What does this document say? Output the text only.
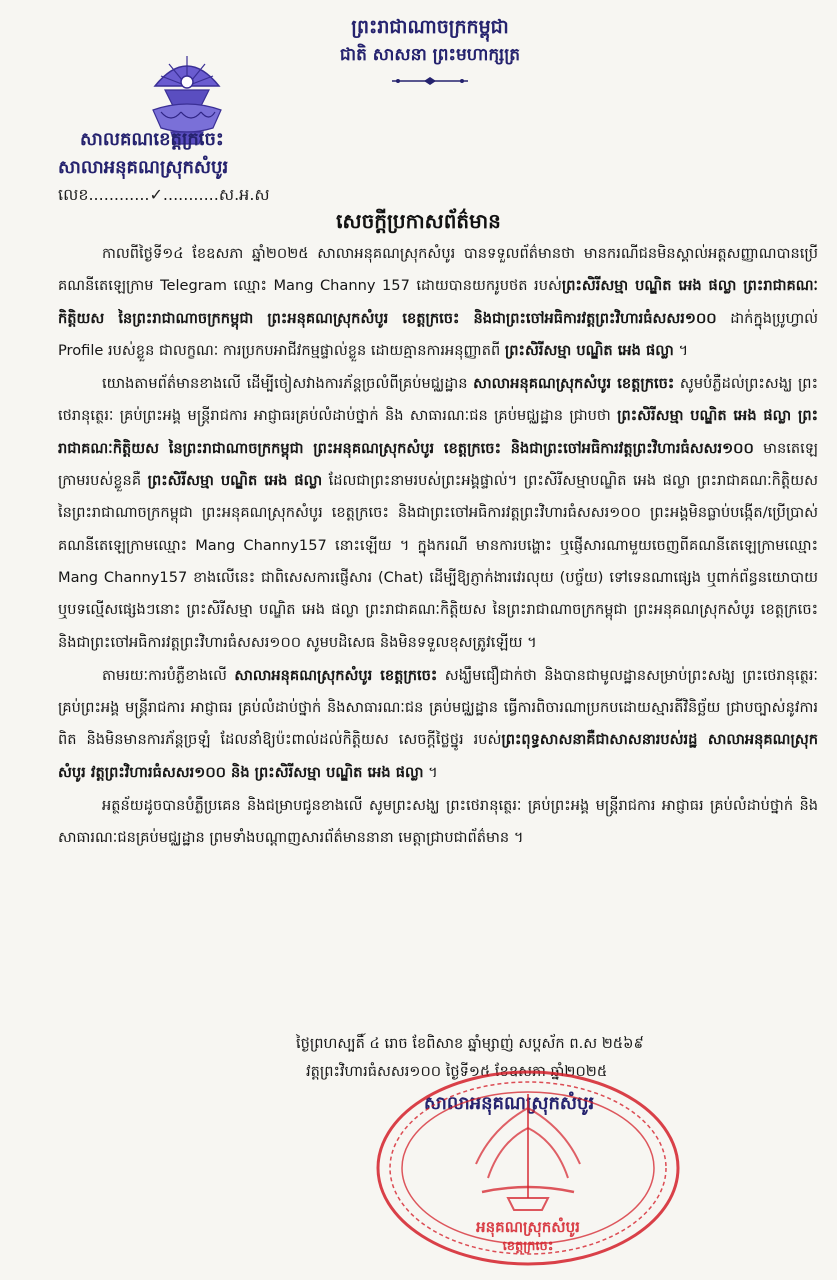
ព្រះរាជាណាចក្រកម្ពុជា
ជាតិ សាសនា ព្រះមហាក្សត្រ
សាលគណខេត្តក្រចេះ
សាលាអនុគណស្រុកសំបូរ
លេខ............✓...........ស.អ.ស
សេចក្តីប្រកាសព័ត៌មាន

កាលពីថ្ងៃទី១៤ ខែឧសភា ឆ្នាំ២០២៥ សាលាអនុគណស្រុកសំបូរ បានទទួលព័ត៌មានថា មានករណីជនមិនស្គាល់អត្តសញ្ញាណបានប្រើគណនីតេឡេក្រាម Telegram ឈ្មោះ Mang Channy 157 ដោយបានយករូបថត របស់ព្រះសិរីសម្មា បណ្ឌិត អេង ផល្លា ព្រះរាជាគណៈកិត្តិយស នៃព្រះរាជាណាចក្រកម្ពុជា ព្រះអនុគណស្រុកសំបូរ ខេត្តក្រចេះ និងជាព្រះចៅអធិការវត្តព្រះវិហារធំសសរ១០០ ដាក់ក្នុងប្រូហ្វាល់ Profile របស់ខ្លួន ជាលក្ខណៈ ការប្រកបអាជីវកម្មផ្ទាល់ខ្លួន ដោយគ្មានការអនុញ្ញាតពី ព្រះសិរីសម្មា បណ្ឌិត អេង ផល្លា ។

យោងតាមព័ត៌មានខាងលើ ដើម្បីចៀសវាងការភ័ន្តច្រលំពីគ្រប់មជ្ឈដ្ឋាន សាលាអនុគណស្រុកសំបូរ ខេត្តក្រចេះ សូមបំភ្លឺដល់ព្រះសង្ឃ ព្រះថេរានុត្ថេរៈ គ្រប់ព្រះអង្គ មន្ត្រីរាជការ អាជ្ញាធរគ្រប់លំដាប់ថ្នាក់ និង សាធារណៈជន គ្រប់មជ្ឈដ្ឋាន ជ្រាបថា ព្រះសិរីសម្មា បណ្ឌិត អេង ផល្លា ព្រះរាជាគណៈកិត្តិយស នៃព្រះរាជាណាចក្រកម្ពុជា ព្រះអនុគណស្រុកសំបូរ ខេត្តក្រចេះ និងជាព្រះចៅអធិការវត្តព្រះវិហារធំសសរ១០០ មានតេឡេក្រាមរបស់ខ្លួនគឺ ព្រះសិរីសម្មា បណ្ឌិត អេង ផល្លា ដែលជាព្រះនាមរបស់ព្រះអង្គផ្ទាល់។ ព្រះសិរីសម្មាបណ្ឌិត អេង ផល្លា ព្រះរាជាគណៈកិត្តិយស នៃព្រះរាជាណាចក្រកម្ពុជា ព្រះអនុគណស្រុកសំបូរ ខេត្តក្រចេះ និងជាព្រះចៅអធិការវត្តព្រះវិហារធំសសរ១០០ ព្រះអង្គមិនធ្លាប់បង្កើត/ប្រើប្រាស់គណនីតេឡេក្រាមឈ្មោះ Mang Channy157 នោះឡើយ ។ ក្នុងករណី មានការបង្ហោះ ឬផ្ញើសារណាមួយចេញពីគណនីតេឡេក្រាមឈ្មោះ Mang Channy157 ខាងលើនេះ ជាពិសេសការផ្ញើសារ (Chat) ដើម្បីឱ្យភ្ញាក់ងារវេរលុយ (បច្ច័យ) ទៅទេនណាផ្សេង ឬពាក់ព័ន្ធនយោបាយ ឬបទល្មើសផ្សេងៗនោះ ព្រះសិរីសម្មា បណ្ឌិត អេង ផល្លា ព្រះរាជាគណៈកិត្តិយស នៃព្រះរាជាណាចក្រកម្ពុជា ព្រះអនុគណស្រុកសំបូរ ខេត្តក្រចេះ និងជាព្រះចៅអធិការវត្តព្រះវិហារធំសសរ១០០ សូមបដិសេធ និងមិនទទួលខុសត្រូវឡើយ ។

តាមរយៈការបំភ្លឺខាងលើ សាលាអនុគណស្រុកសំបូរ ខេត្តក្រចេះ សង្ឃឹមជឿជាក់ថា និងបានជាមូលដ្ឋានសម្រាប់ព្រះសង្ឃ ព្រះថេរានុត្ថេរៈគ្រប់ព្រះអង្គ មន្ត្រីរាជការ អាជ្ញាធរ គ្រប់លំដាប់ថ្នាក់ និងសាធារណៈជន គ្រប់មជ្ឈដ្ឋាន ធ្វើការពិចារណាប្រកបដោយស្មារតីវិនិច្ឆ័យ ជ្រាបច្បាស់នូវការពិត និងមិនមានការភ័ន្តច្រឡំ ដែលនាំឱ្យប៉ះពាល់ដល់កិត្តិយស សេចក្តីថ្លៃថ្នូរ របស់ព្រះពុទ្ធសាសនាគឺជាសាសនារបស់រដ្ឋ សាលាអនុគណស្រុកសំបូរ វត្តព្រះវិហារធំសសរ១០០ និង ព្រះសិរីសម្មា បណ្ឌិត អេង ផល្លា ។

អត្ថន័យដូចបានបំភ្លឺប្រគេន និងជម្រាបជូនខាងលើ សូមព្រះសង្ឃ ព្រះថេរានុត្ថេរៈ គ្រប់ព្រះអង្គ មន្ត្រីរាជការ អាជ្ញាធរ គ្រប់លំដាប់ថ្នាក់ និងសាធារណៈជនគ្រប់មជ្ឈដ្ឋាន ព្រមទាំងបណ្តាញសារព័ត៌មាននានា មេត្តាជ្រាបជាព័ត៌មាន ។

ថ្ងៃព្រហស្បតិ៍ ៤ រោច ខែពិសាខ ឆ្នាំម្សាញ់ សប្តស័ក ព.ស ២៥៦៩
វត្តព្រះវិហារធំសសរ១០០ ថ្ងៃទី១៥ ខែឧសភា ឆ្នាំ២០២៥
សាលាអនុគណស្រុកសំបូរ
អនុគណស្រុកសំបូរ
ខេត្តក្រចេះ
